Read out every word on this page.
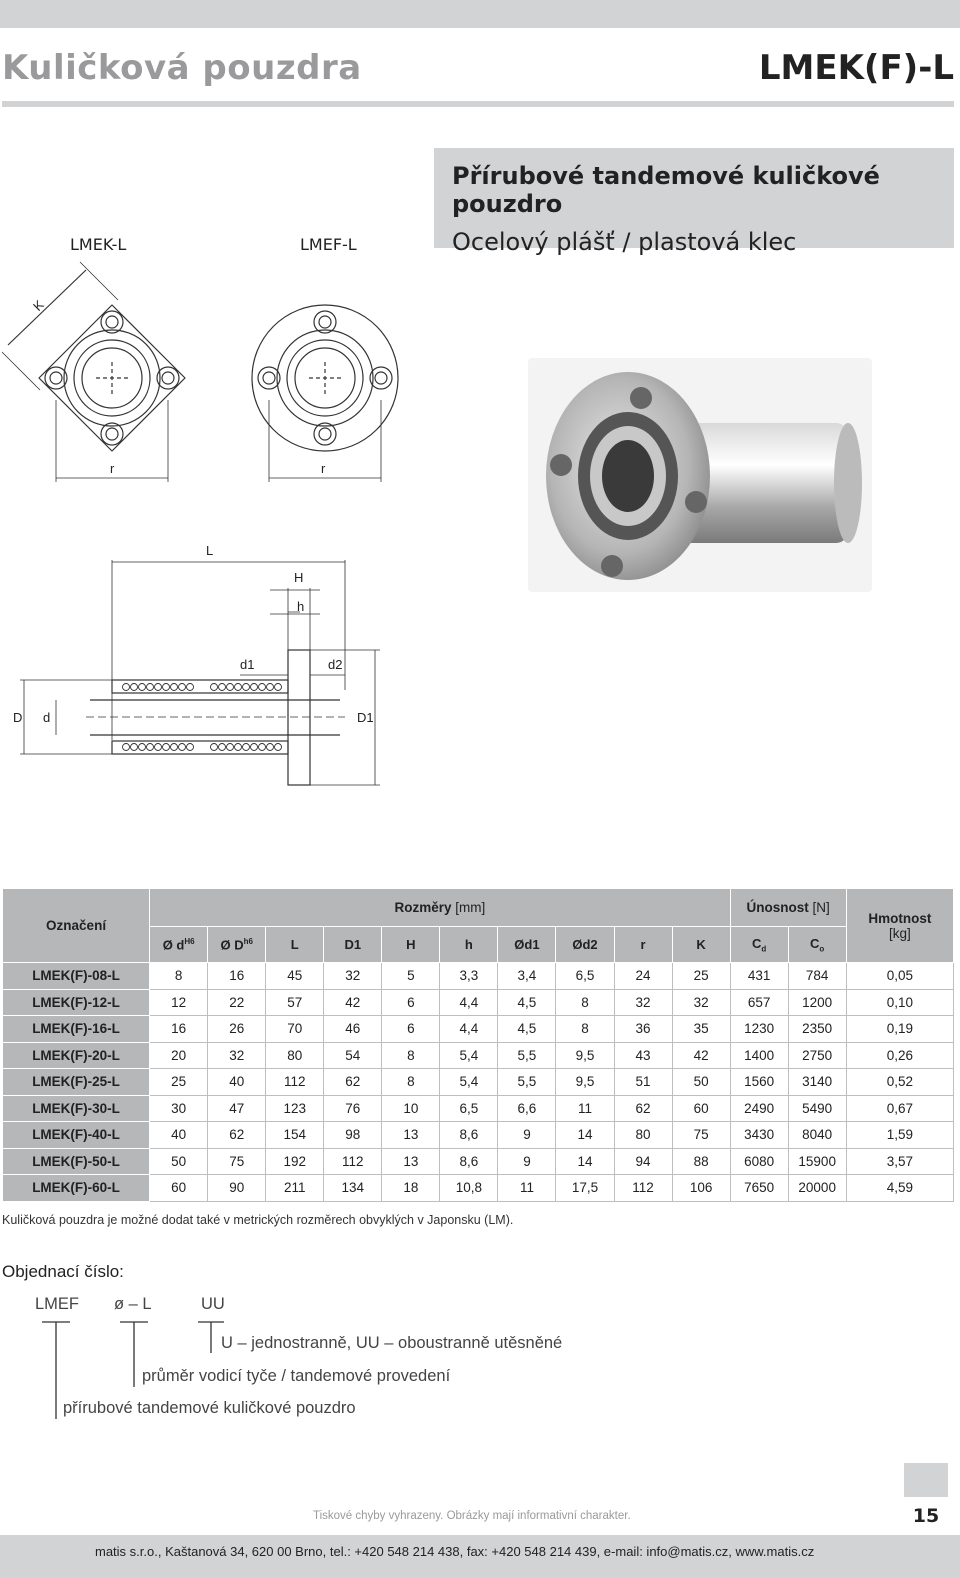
Kuličková pouzdra	LMEK(F)-L
Přírubové tandemové kuličkové pouzdro
Ocelový plášť / plastová klec
LMEK-L	LMEF-L
K
r	r
L
H
h
d1	d2
D d	D1
Označení	Rozměry [mm]										Únosnost [N]		Hmotnost
[kg]
	Ø $d^{H6}$	Ø $D^{h6}$	L	D1	H	h	Ød1	Ød2	r	K	$C_d$	$C_o$
LMEK(F)-08-L	8	16	45	32	5	3,3	3,4	6,5	24	25	431	784	0,05
LMEK(F)-12-L	12	22	57	42	6	4,4	4,5	8	32	32	657	1200	0,10
LMEK(F)-16-L	16	26	70	46	6	4,4	4,5	8	36	35	1230	2350	0,19
LMEK(F)-20-L	20	32	80	54	8	5,4	5,5	9,5	43	42	1400	2750	0,26
LMEK(F)-25-L	25	40	112	62	8	5,4	5,5	9,5	51	50	1560	3140	0,52
LMEK(F)-30-L	30	47	123	76	10	6,5	6,6	11	62	60	2490	5490	0,67
LMEK(F)-40-L	40	62	154	98	13	8,6	9	14	80	75	3430	8040	1,59
LMEK(F)-50-L	50	75	192	112	13	8,6	9	14	94	88	6080	15900	3,57
LMEK(F)-60-L	60	90	211	134	18	10,8	11	17,5	112	106	7650	20000	4,59
Kuličková pouzdra je možné dodat také v metrických rozměrech obvyklých v Japonsku (LM).
Objednací číslo:
LMEF ø – L	UU
U – jednostranně, UU – oboustranně utěsněné
průměr vodicí tyče / tandemové provedení
přírubové tandemové kuličkové pouzdro
Tiskové chyby vyhrazeny. Obrázky mají informativní charakter.	15
matis s.r.o., Kaštanová 34, 620 00 Brno, tel.: +420 548 214 438, fax: +420 548 214 439, e-mail: info@matis.cz, www.matis.cz
